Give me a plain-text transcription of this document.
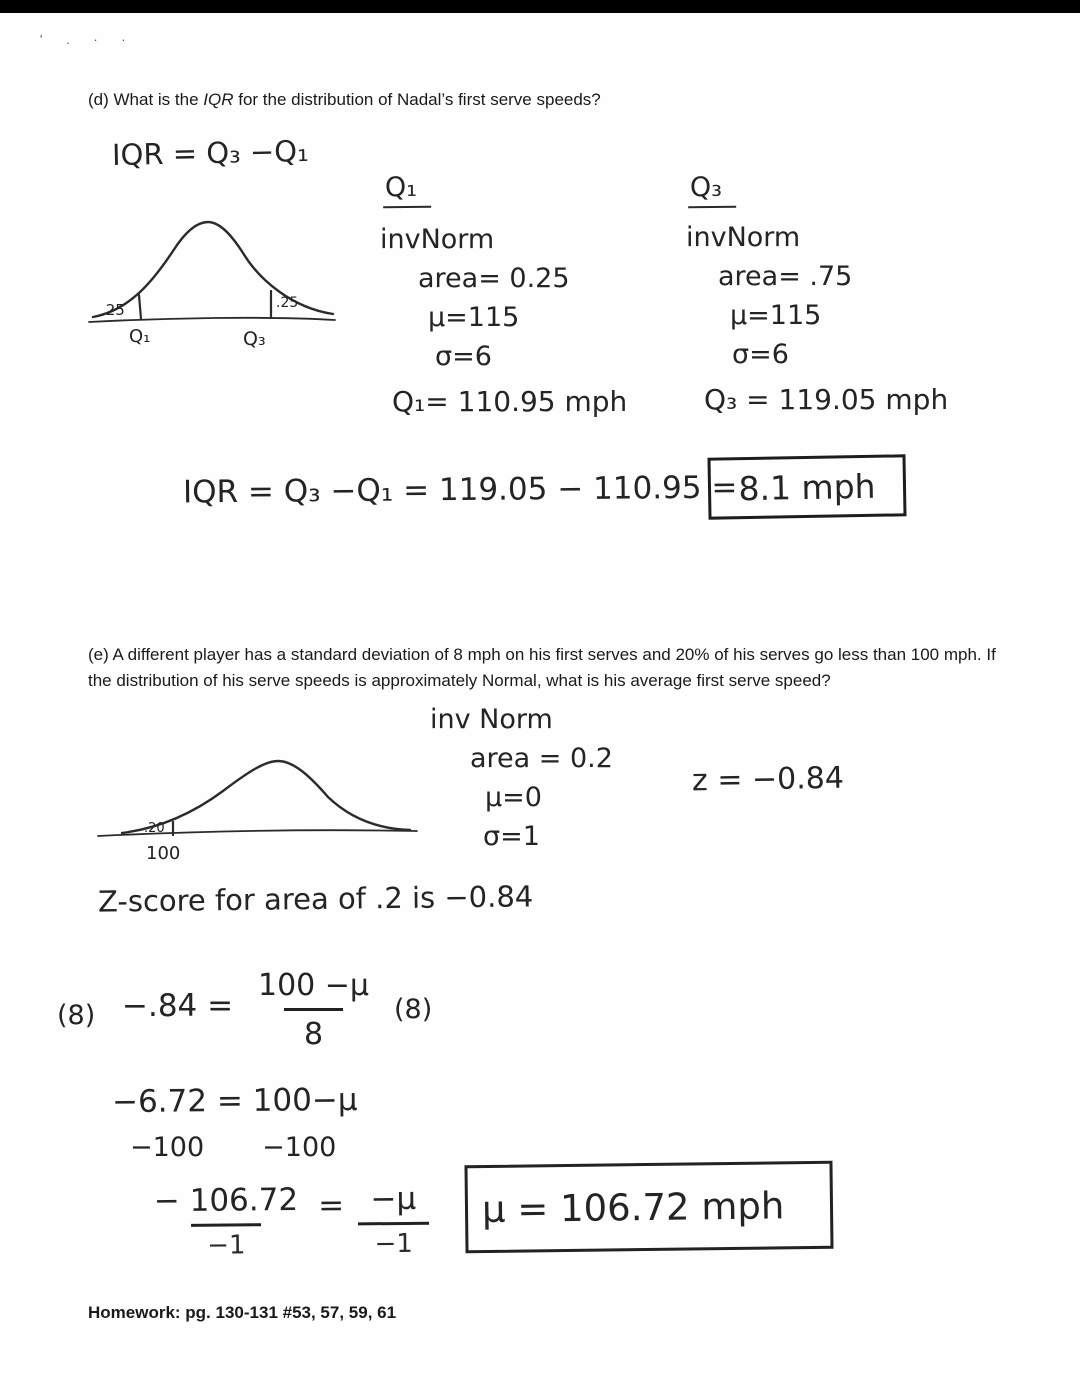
' . · ·

(d) What is the IQR for the distribution of Nadal’s first serve speeds?

IQR = Q₃ −Q₁
.25	.25
Q₁	Q₃
Q₁
invNorm
area= 0.25
μ=115
σ=6
Q₁= 110.95 mph
Q₃
invNorm
area= .75
μ=115
σ=6
Q₃ = 119.05 mph
IQR = Q₃ −Q₁ = 119.05 − 110.95 = 8.1 mph

(e) A different player has a standard deviation of 8 mph on his first serves and 20% of his serves go less than 100 mph. If the distribution of his serve speeds is approximately Normal, what is his average first serve speed?

inv Norm
area = 0.2
μ=0
σ=1
z = −0.84
.20
100
Z-score for area of .2 is −0.84
$(8) -.84 = \frac{100 -\mu}{8} (8)$
−6.72 = 100−μ
−100 −100
$\frac{- 106.72}{-1} = \frac{-\mu}{-1}$ μ = 106.72 mph
Homework: pg. 130-131 #53, 57, 59, 61
